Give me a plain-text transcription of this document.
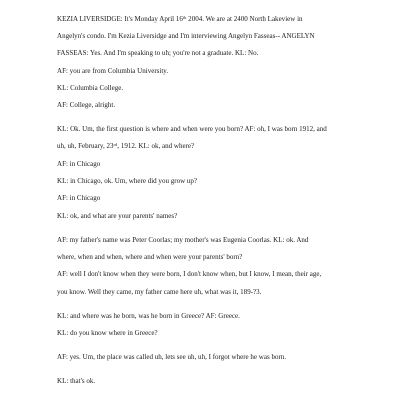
KEZIA LIVERSIDGE: It's Monday April 16th 2004. We are at 2400 North Lakeview in
Angelyn's condo. I'm Kezia Liversidge and I'm interviewing Angelyn Fasseas-- ANGELYN
FASSEAS: Yes. And I'm speaking to uh; you're not a graduate. KL: No.
AF: you are from Columbia University.
KL: Columbia College.
AF: College, alright.
KL: Ok. Um, the first question is where and when were you born? AF: oh, I was born 1912, and
uh, uh, February, 23rd, 1912. KL: ok, and where?
AF: in Chicago
KL: in Chicago, ok. Um, where did you grow up?
AF: in Chicago
KL: ok, and what are your parents' names?
AF: my father's name was Peter Coorlas; my mother's was Eugenia Coorlas. KL: ok. And
where, when and when, where and when were your parents' born?
AF: well I don't know when they were born, I don't know when, but I know, I mean, their age,
you know. Well they came, my father came here uh, what was it, 189-?3.
KL: and where was he born, was he born in Greece? AF: Greece.
KL: do you know where in Greece?
AF: yes. Um, the place was called uh, lets see uh, uh, I forgot where he was born.
KL: that's ok.
